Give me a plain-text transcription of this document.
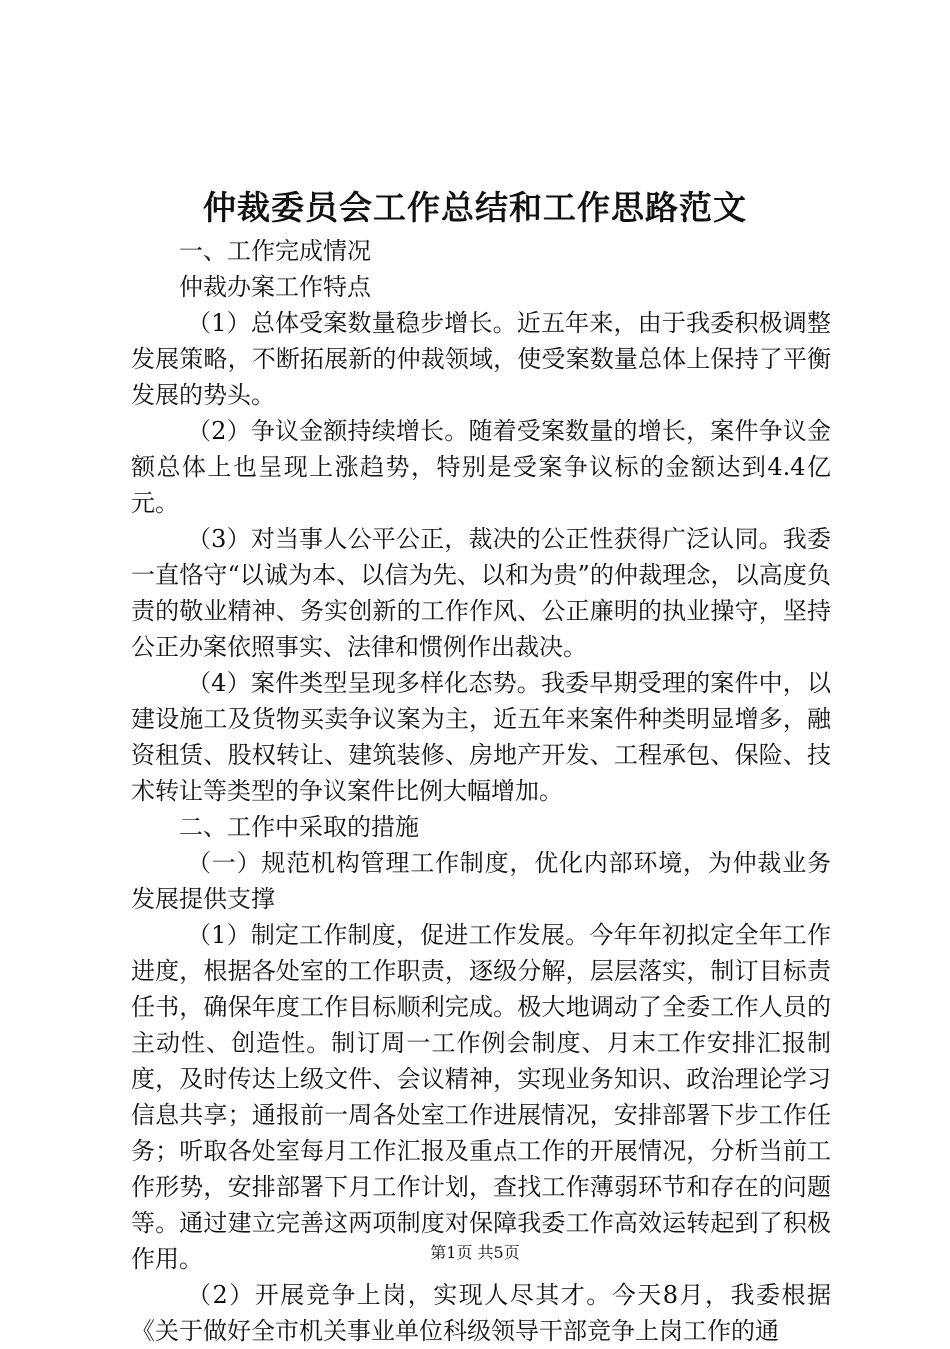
仲裁委员会工作总结和工作思路范文

一、工作完成情况

仲裁办案工作特点

（1）总体受案数量稳步增长。近五年来，由于我委积极调整发展策略，不断拓展新的仲裁领域，使受案数量总体上保持了平衡发展的势头。

（2）争议金额持续增长。随着受案数量的增长，案件争议金额总体上也呈现上涨趋势，特别是受案争议标的金额达到4.4亿元。

（3）对当事人公平公正，裁决的公正性获得广泛认同。我委一直恪守“以诚为本、以信为先、以和为贵”的仲裁理念，以高度负责的敬业精神、务实创新的工作作风、公正廉明的执业操守，坚持公正办案依照事实、法律和惯例作出裁决。

（4）案件类型呈现多样化态势。我委早期受理的案件中，以建设施工及货物买卖争议案为主，近五年来案件种类明显增多，融资租赁、股权转让、建筑装修、房地产开发、工程承包、保险、技术转让等类型的争议案件比例大幅增加。

二、工作中采取的措施

（一）规范机构管理工作制度，优化内部环境，为仲裁业务发展提供支撑

（1）制定工作制度，促进工作发展。今年年初拟定全年工作进度，根据各处室的工作职责，逐级分解，层层落实，制订目标责任书，确保年度工作目标顺利完成。极大地调动了全委工作人员的主动性、创造性。制订周一工作例会制度、月末工作安排汇报制度，及时传达上级文件、会议精神，实现业务知识、政治理论学习信息共享；通报前一周各处室工作进展情况，安排部署下步工作任务；听取各处室每月工作汇报及重点工作的开展情况，分析当前工作形势，安排部署下月工作计划，查找工作薄弱环节和存在的问题等。通过建立完善这两项制度对保障我委工作高效运转起到了积极作用。

（2）开展竞争上岗，实现人尽其才。今天8月，我委根据《关于做好全市机关事业单位科级领导干部竞争上岗工作的通

第1页 共5页
